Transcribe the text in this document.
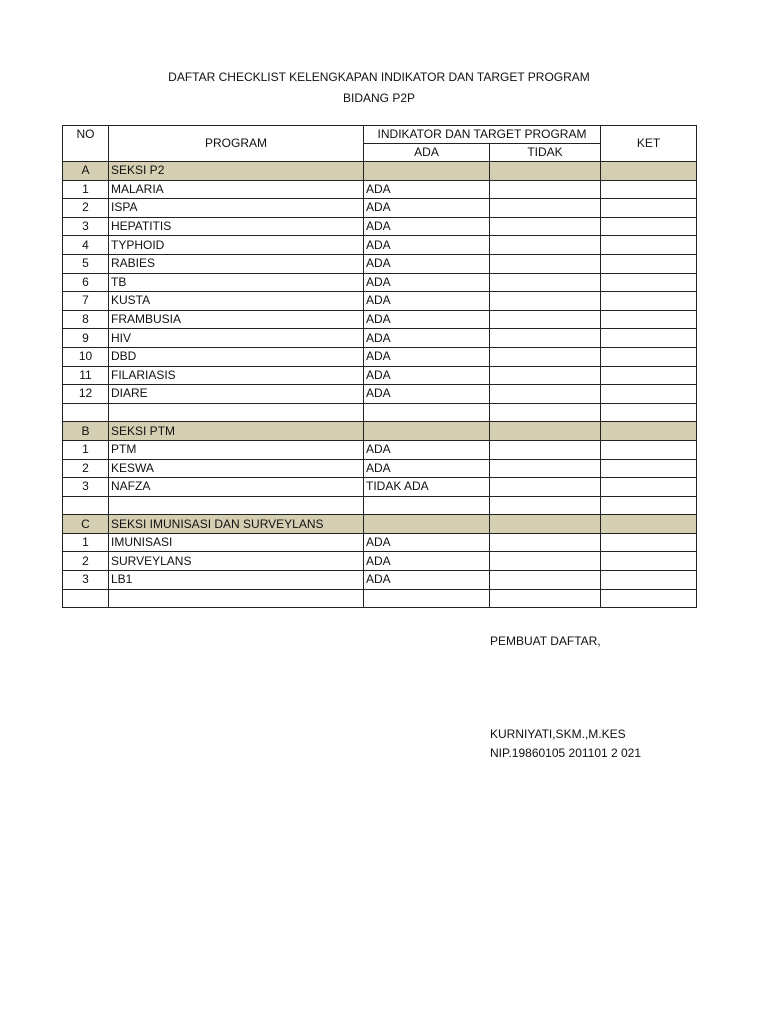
DAFTAR CHECKLIST KELENGKAPAN INDIKATOR DAN TARGET PROGRAM
BIDANG P2P
NO	PROGRAM	INDIKATOR DAN TARGET PROGRAM		KET
		ADA	TIDAK	
A	SEKSI P2			
1	MALARIA	ADA		
2	ISPA	ADA		
3	HEPATITIS	ADA		
4	TYPHOID	ADA		
5	RABIES	ADA		
6	TB	ADA		
7	KUSTA	ADA		
8	FRAMBUSIA	ADA		
9	HIV	ADA		
10	DBD	ADA		
11	FILARIASIS	ADA		
12	DIARE	ADA		

B	SEKSI PTM			
1	PTM	ADA		
2	KESWA	ADA		
3	NAFZA	TIDAK ADA		

C	SEKSI IMUNISASI DAN SURVEYLANS			
1	IMUNISASI	ADA		
2	SURVEYLANS	ADA		
3	LB1	ADA		

PEMBUAT DAFTAR,
KURNIYATI,SKM.,M.KES
NIP.19860105 201101 2 021
